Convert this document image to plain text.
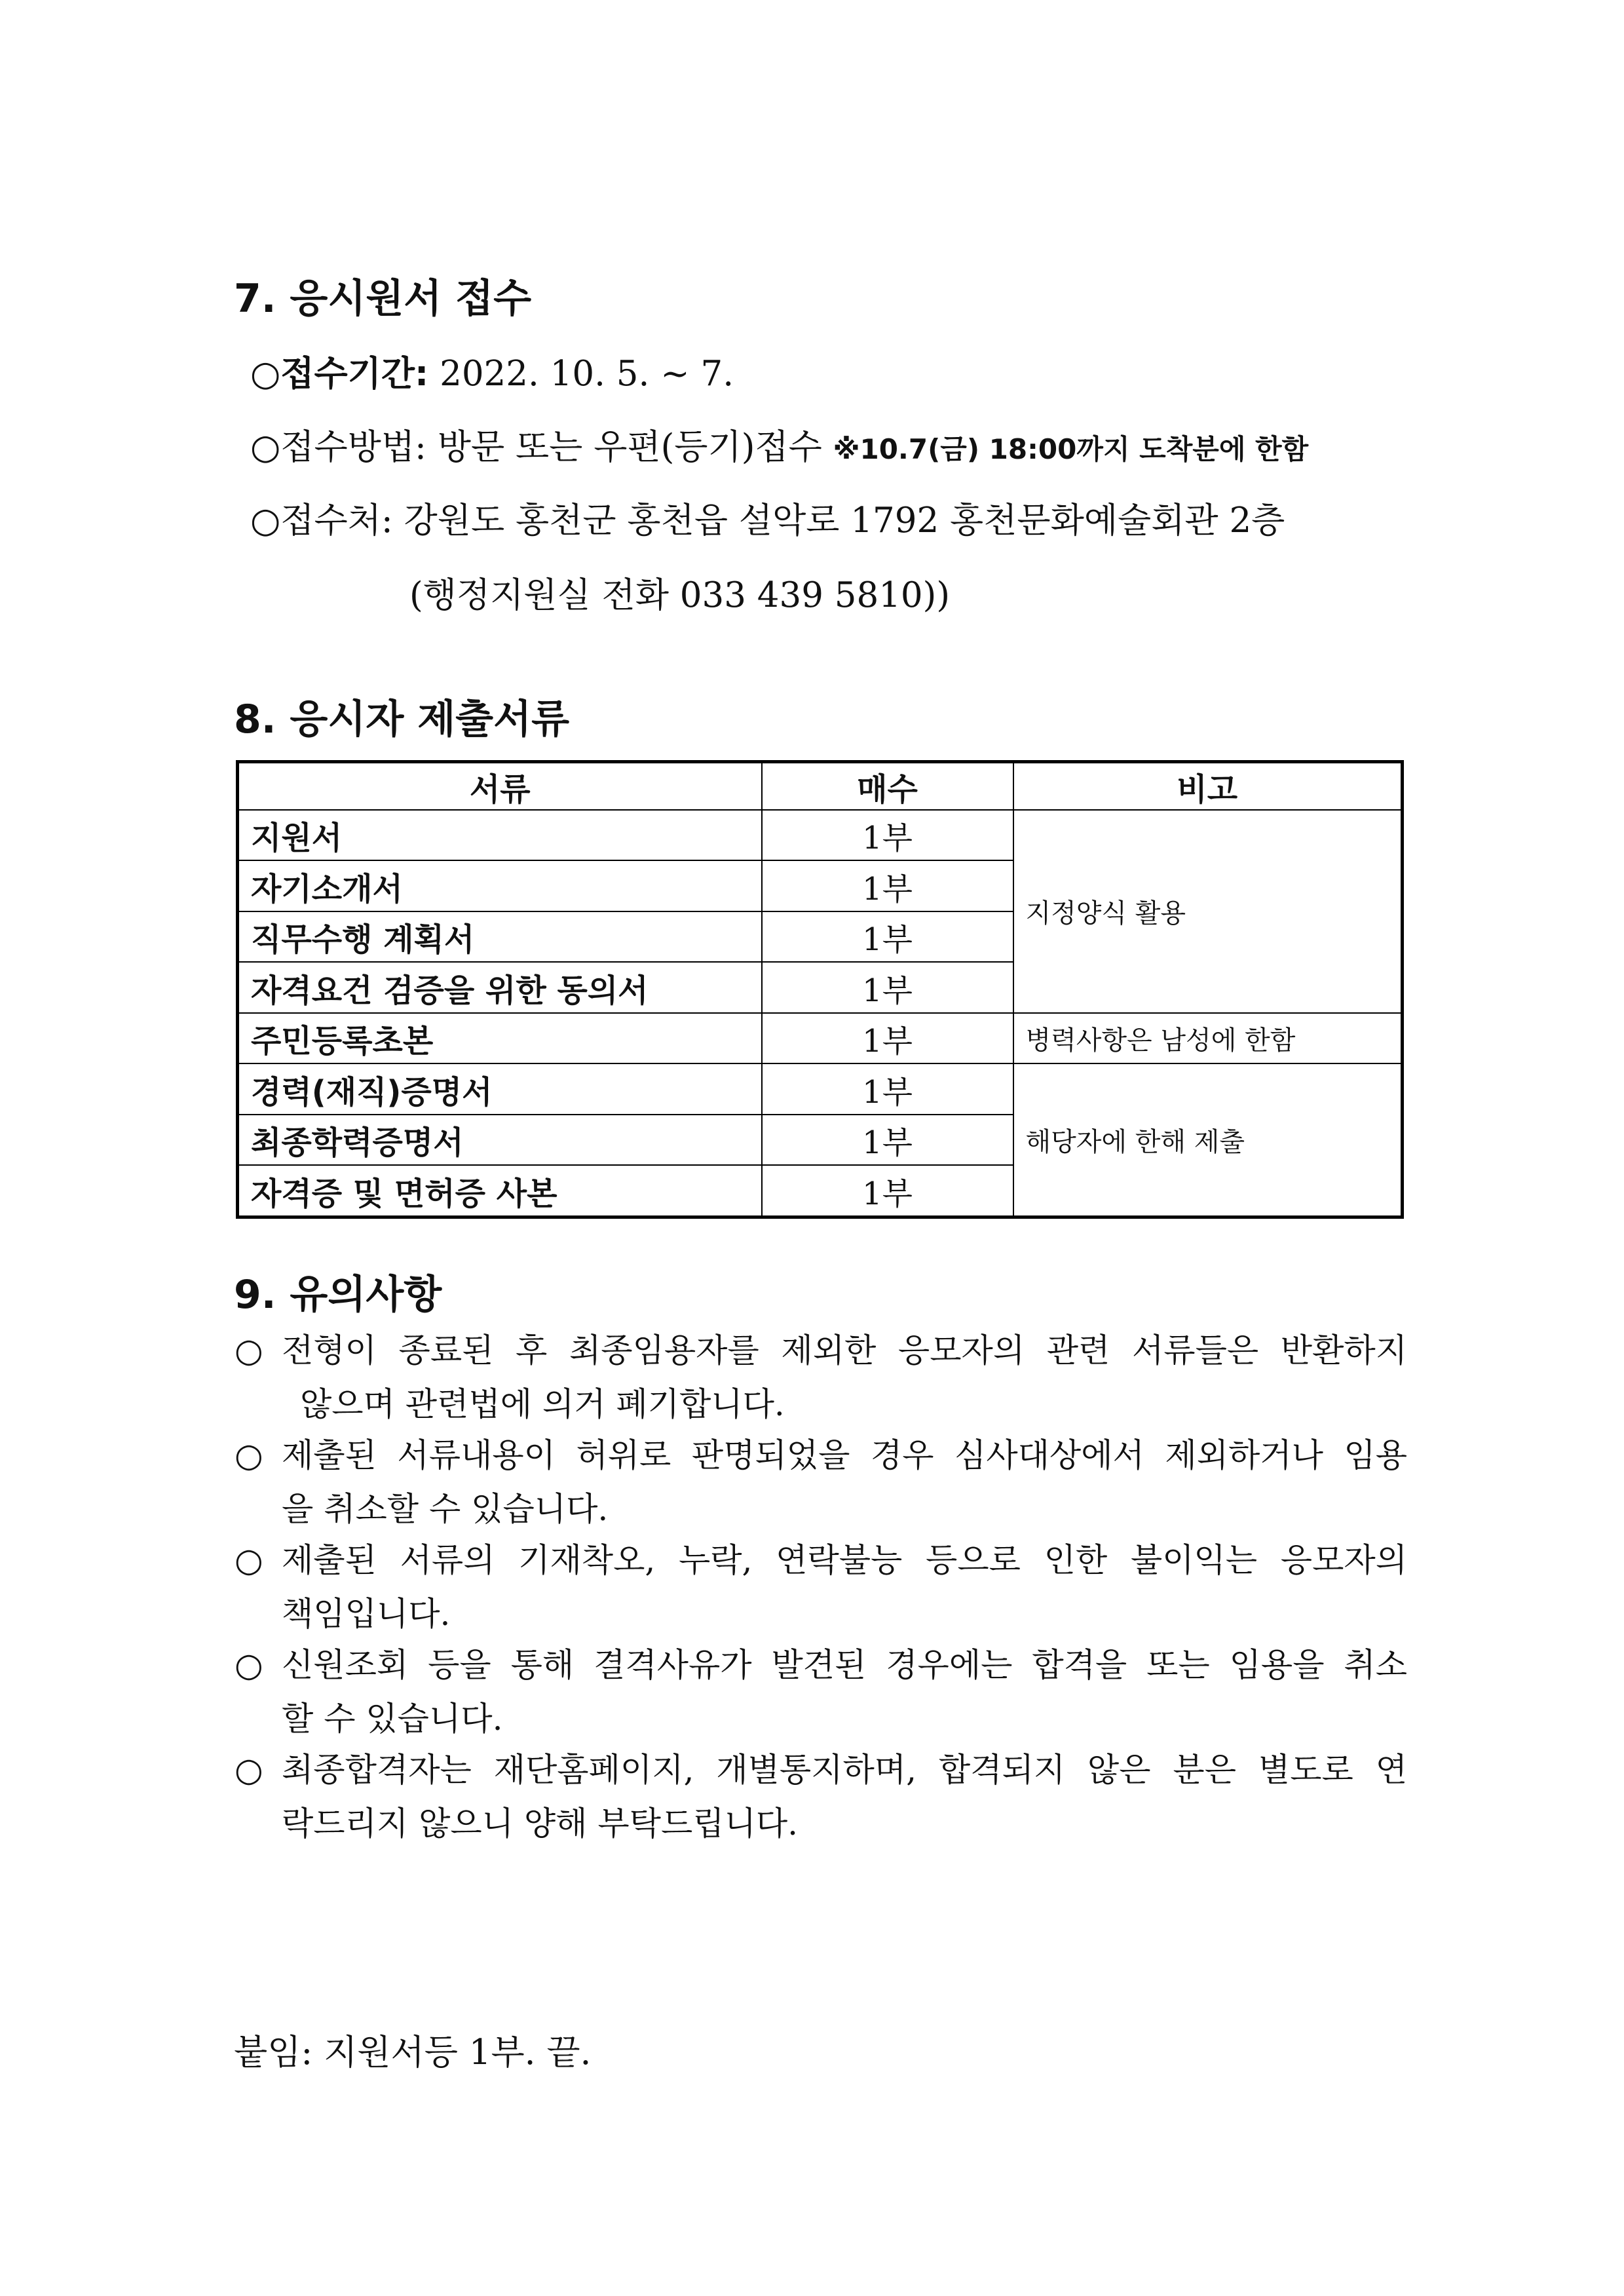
7. 응시원서 접수
○접수기간: 2022. 10. 5. ~ 7.
○접수방법: 방문 또는 우편(등기)접수 ※10.7(금) 18:00까지 도착분에 한함
○접수처: 강원도 홍천군 홍천읍 설악로 1792 홍천문화예술회관 2층
(행정지원실 전화 033 439 5810))
8. 응시자 제출서류
서류	매수	비고
지원서	1부	지정양식 활용
자기소개서	1부	
직무수행 계획서	1부	
자격요건 검증을 위한 동의서	1부	
주민등록초본	1부	병력사항은 남성에 한함
경력(재직)증명서	1부	해당자에 한해 제출
최종학력증명서	1부	
자격증 및 면허증 사본	1부	
9. 유의사항
○ 전형이 종료된 후 최종임용자를 제외한 응모자의 관련 서류들은 반환하지
않으며 관련법에 의거 폐기합니다.
○ 제출된 서류내용이 허위로 판명되었을 경우 심사대상에서 제외하거나 임용
을 취소할 수 있습니다.
○ 제출된 서류의 기재착오, 누락, 연락불능 등으로 인한 불이익는 응모자의
책임입니다.
○ 신원조회 등을 통해 결격사유가 발견된 경우에는 합격을 또는 임용을 취소
할 수 있습니다.
○ 최종합격자는 재단홈페이지, 개별통지하며, 합격되지 않은 분은 별도로 연
락드리지 않으니 양해 부탁드립니다.
붙임: 지원서등 1부. 끝.
